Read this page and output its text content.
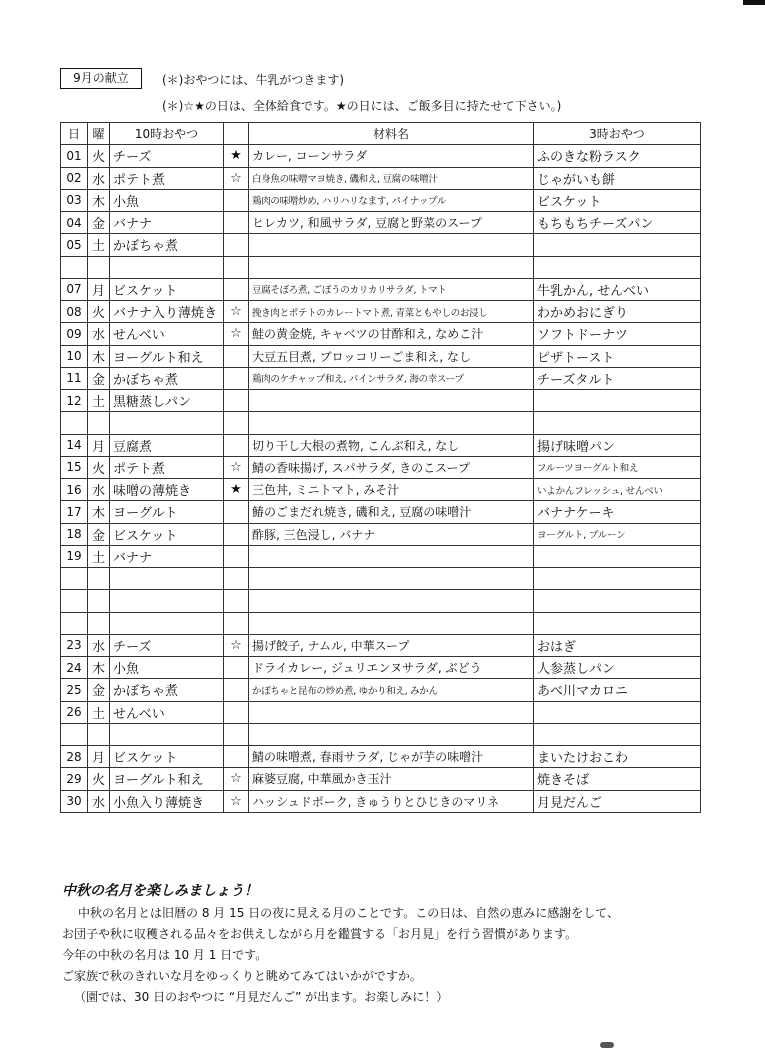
9月の献立	(＊)おやつには、牛乳がつきます)
(＊)☆★の日は、全体給食です。★の日には、ご飯多目に持たせて下さい。)
日	曜	10時おやつ		材料名	3時おやつ
01	火	チーズ	★	カレー, コーンサラダ	ふのきな粉ラスク
02	水	ポテト煮	☆	白身魚の味噌マヨ焼き, 磯和え, 豆腐の味噌汁	じゃがいも餅
03	木	小魚		鶏肉の味噌炒め, ハリハリなます, パイナップル	ビスケット
04	金	バナナ		ヒレカツ, 和風サラダ, 豆腐と野菜のスープ	もちもちチーズパン
05	土	かぼちゃ煮			

07	月	ビスケット		豆腐そぼろ煮, ごぼうのカリカリサラダ, トマト	牛乳かん, せんべい
08	火	バナナ入り薄焼き	☆	挽き肉とポテトのカレートマト煮, 青菜ともやしのお浸し	わかめおにぎり
09	水	せんべい	☆	鮭の黄金焼, キャベツの甘酢和え, なめこ汁	ソフトドーナツ
10	木	ヨーグルト和え		大豆五目煮, ブロッコリーごま和え, なし	ピザトースト
11	金	かぼちゃ煮		鶏肉のケチャップ和え, パインサラダ, 海の幸スープ	チーズタルト
12	土	黒糖蒸しパン			

14	月	豆腐煮		切り干し大根の煮物, こんぶ和え, なし	揚げ味噌パン
15	火	ポテト煮	☆	鯖の香味揚げ, スパサラダ, きのこスープ	フルーツヨーグルト和え
16	水	味噌の薄焼き	★	三色丼, ミニトマト, みそ汁	いよかんフレッシュ, せんべい
17	木	ヨーグルト		鰆のごまだれ焼き, 磯和え, 豆腐の味噌汁	バナナケーキ
18	金	ビスケット		酢豚, 三色浸し, バナナ	ヨーグルト, ブルーン
19	土	バナナ			

23	水	チーズ	☆	揚げ餃子, ナムル, 中華スープ	おはぎ
24	木	小魚		ドライカレー, ジュリエンヌサラダ, ぶどう	人参蒸しパン
25	金	かぼちゃ煮		かぼちゃと昆布の炒め煮, ゆかり和え, みかん	あべ川マカロニ
26	土	せんべい			

28	月	ビスケット		鯖の味噌煮, 春雨サラダ, じゃが芋の味噌汁	まいたけおこわ
29	火	ヨーグルト和え	☆	麻婆豆腐, 中華風かき玉汁	焼きそば
30	水	小魚入り薄焼き	☆	ハッシュドポーク, きゅうりとひじきのマリネ	月見だんご
中秋の名月を楽しみましょう！
中秋の名月とは旧暦の 8 月 15 日の夜に見える月のことです。この日は、自然の恵みに感謝をして、
お団子や秋に収穫される品々をお供えしながら月を鑑賞する「お月見」を行う習慣があります。
今年の中秋の名月は 10 月 1 日です。
ご家族で秋のきれいな月をゆっくりと眺めてみてはいかがですか。
（園では、30 日のおやつに “月見だんご” が出ます。お楽しみに！）
